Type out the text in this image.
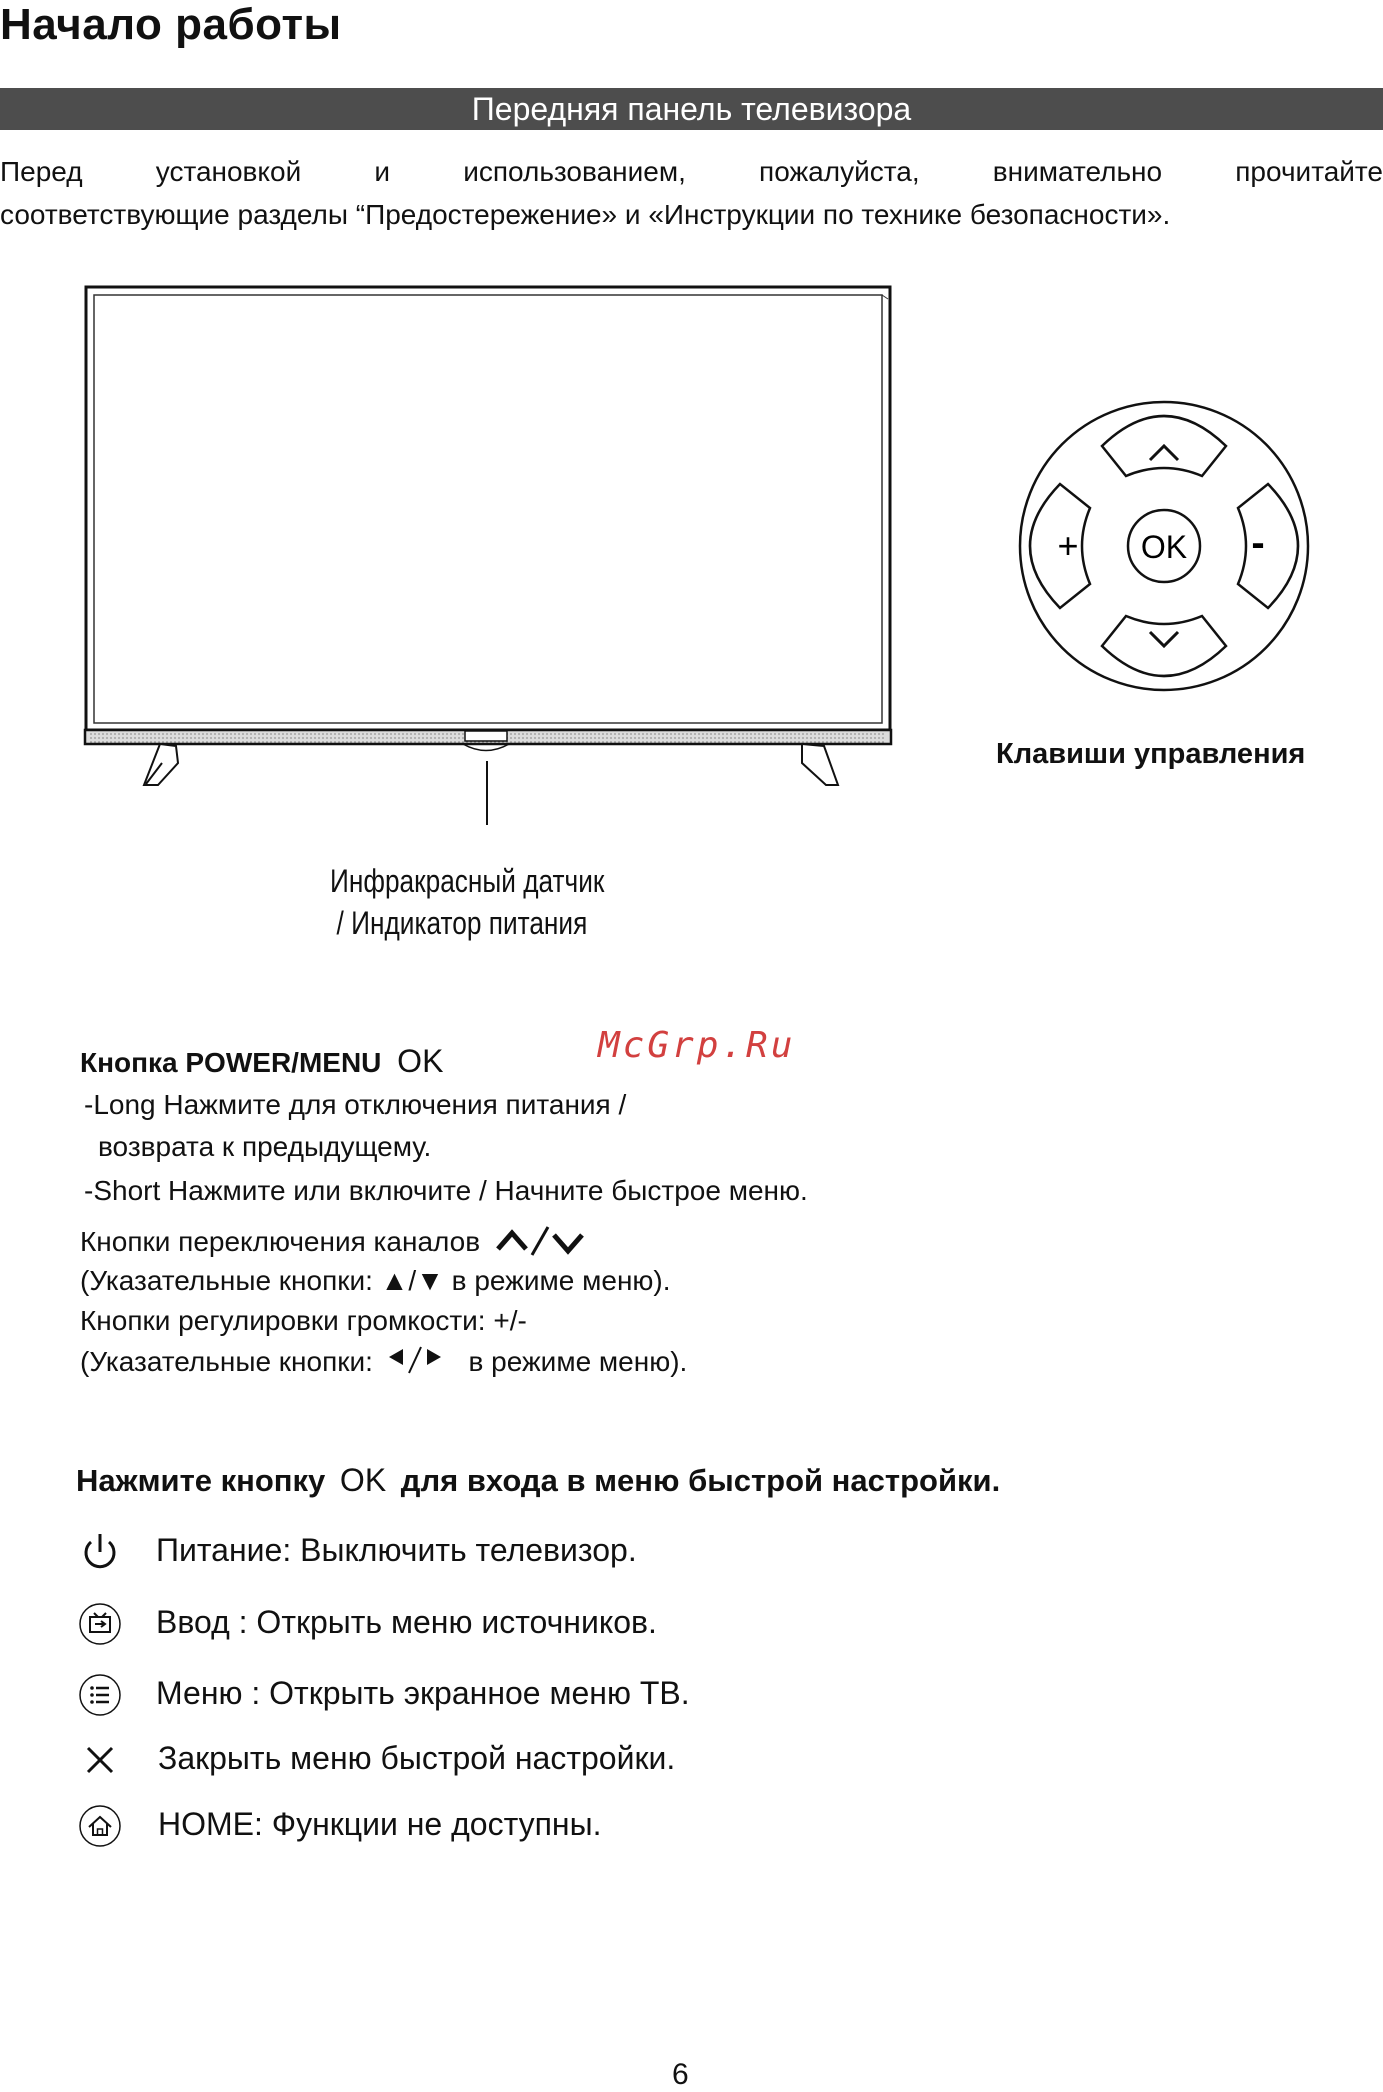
Начало работы
Передняя панель телевизора
Перед установкой и использованием, пожалуйста, внимательно прочитайте
соответствующие разделы “Предостережение» и «Инструкции по технике безопасности».
Инфракрасный датчик
/ Индикатор питания
+	-
OK
Клавиши управления
McGrp.Ru
Кнопка POWER/MENU OK
-Long Нажмите для отключения питания /
возврата к предыдущему.
-Short Нажмите или включите / Начните быстрое меню.
Кнопки переключения каналов
(Указательные кнопки: ▲/▼ в режиме меню).
Кнопки регулировки громкости: +/-
(Указательные кнопки:	в режиме меню).
Нажмите кнопку OK для входа в меню быстрой настройки.
Питание: Выключить телевизор.
Ввод : Открыть меню источников.
Меню : Открыть экранное меню ТВ.
Закрыть меню быстрой настройки.
HOME: Функции не доступны.
6
